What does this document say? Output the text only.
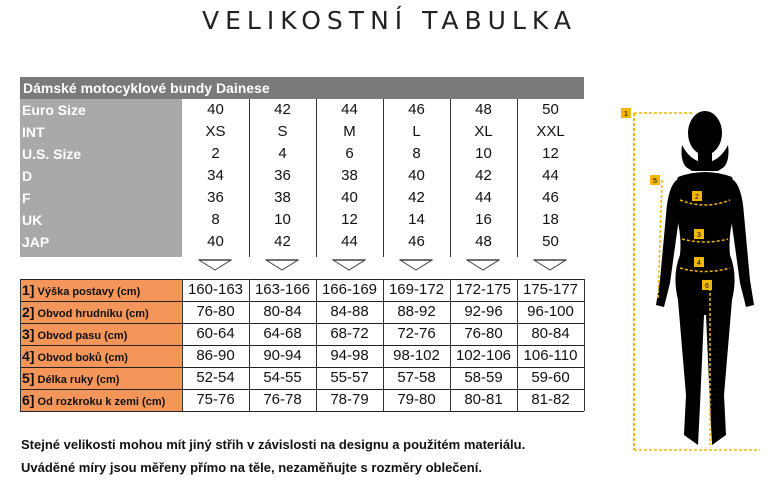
VELIKOSTNÍ TABULKA
Dámské motocyklové bundy Dainese
Euro Size	40	42	44	46	48	50
INT	XS	S	M	L	XL	XXL
U.S. Size	2	4	6	8	10	12
D	34	36	38	40	42	44
F	36	38	40	42	44	46
UK	8	10	12	14	16	18
JAP	40	42	44	46	48	50
1] Výška postavy (cm)	160-163 163-166 166-169 169-172 172-175 175-177
2] Obvod hrudníku (cm)	76-80	80-84	84-88	88-92	92-96	96-100
3] Obvod pasu (cm)	60-64	64-68	68-72	72-76	76-80	80-84
4] Obvod boků (cm)	86-90	90-94	94-98	98-102	102-106 106-110
5] Délka ruky (cm)	52-54	54-55	55-57	57-58	58-59	59-60
6] Od rozkroku k zemi (cm)	75-76	76-78	78-79	79-80	80-81	81-82
Stejné velikosti mohou mít jiný střih v závislosti na designu a použitém materiálu.
Uváděné míry jsou měřeny přímo na těle, nezaměňujte s rozměry oblečení.
1
2
3
4
5
6
